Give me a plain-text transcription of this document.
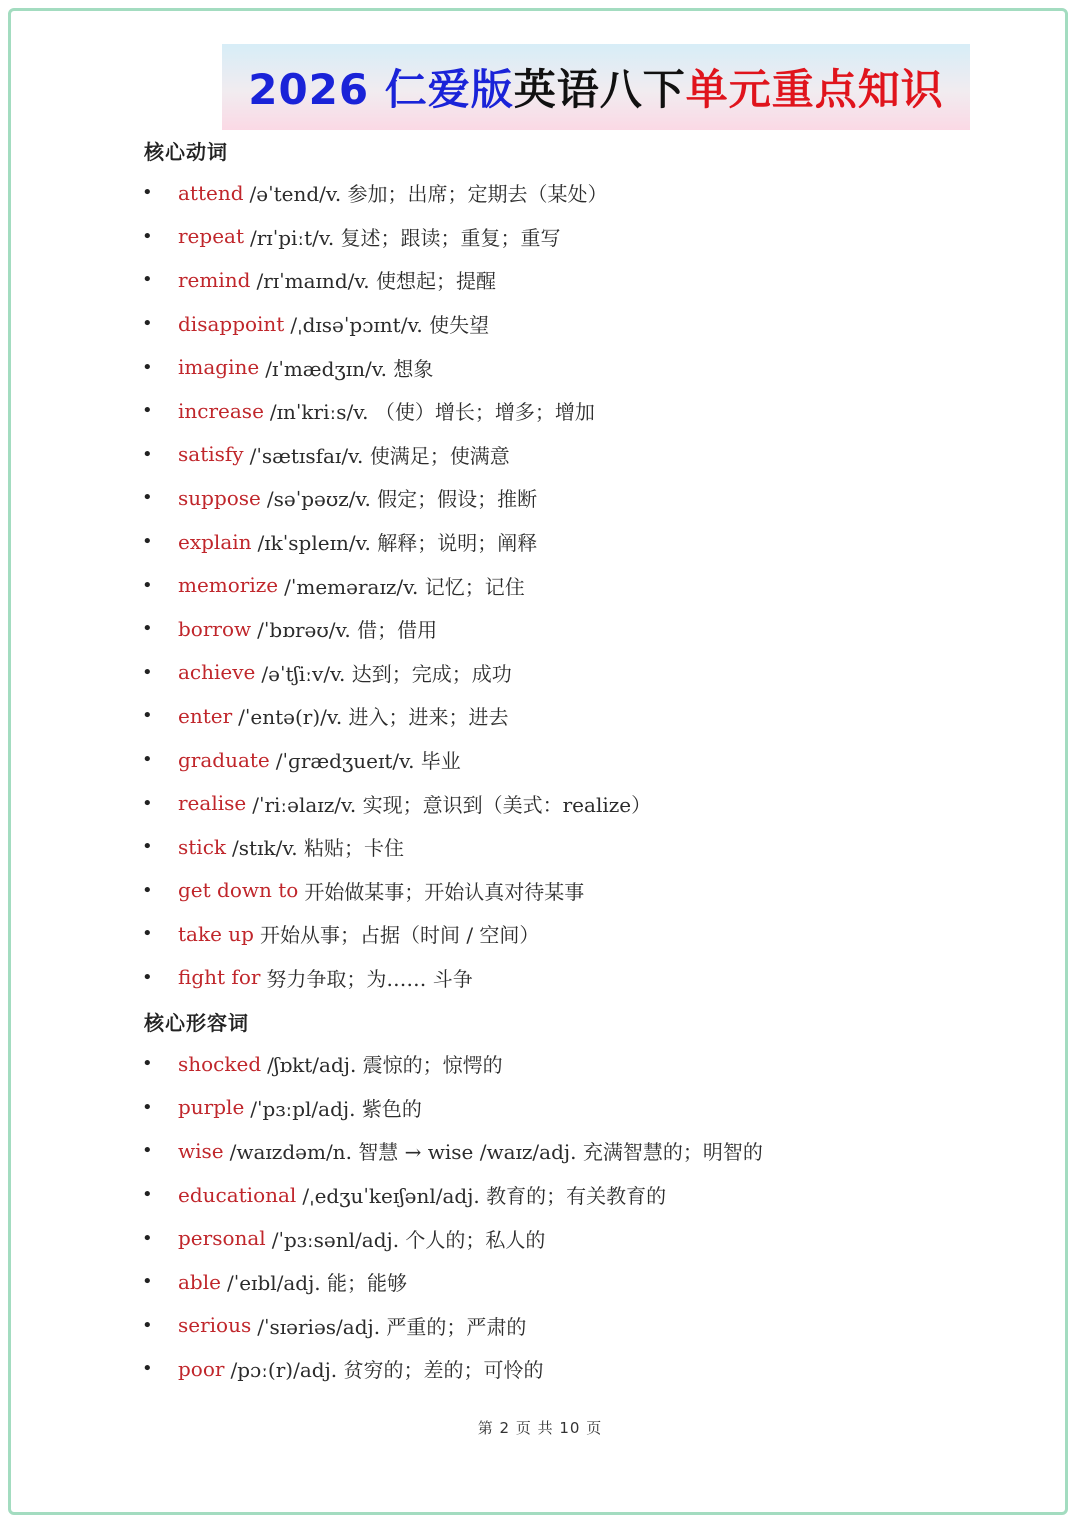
2026 仁爱版英语八下单元重点知识
核心动词
•	attend /əˈtend/v. 参加；出席；定期去（某处）
•	repeat /rɪˈpiːt/v. 复述；跟读；重复；重写
•	remind /rɪˈmaɪnd/v. 使想起；提醒
•	disappoint /ˌdɪsəˈpɔɪnt/v. 使失望
•	imagine /ɪˈmædʒɪn/v. 想象
•	increase /ɪnˈkriːs/v. （使）增长；增多；增加
•	satisfy /ˈsætɪsfaɪ/v. 使满足；使满意
•	suppose /səˈpəʊz/v. 假定；假设；推断
•	explain /ɪkˈspleɪn/v. 解释；说明；阐释
•	memorize /ˈmeməraɪz/v. 记忆；记住
•	borrow /ˈbɒrəʊ/v. 借；借用
•	achieve /əˈtʃiːv/v. 达到；完成；成功
•	enter /ˈentə(r)/v. 进入；进来；进去
•	graduate /ˈɡrædʒueɪt/v. 毕业
•	realise /ˈriːəlaɪz/v. 实现；意识到（美式：realize）
•	stick /stɪk/v. 粘贴；卡住
•	get down to 开始做某事；开始认真对待某事
•	take up 开始从事；占据（时间 / 空间）
•	fight for 努力争取；为…… 斗争
核心形容词
•	shocked /ʃɒkt/adj. 震惊的；惊愕的
•	purple /ˈpɜːpl/adj. 紫色的
•	wise /waɪzdəm/n. 智慧 → wise /waɪz/adj. 充满智慧的；明智的
•	educational /ˌedʒuˈkeɪʃənl/adj. 教育的；有关教育的
•	personal /ˈpɜːsənl/adj. 个人的；私人的
•	able /ˈeɪbl/adj. 能；能够
•	serious /ˈsɪəriəs/adj. 严重的；严肃的
•	poor /pɔː(r)/adj. 贫穷的；差的；可怜的
第 2 页 共 10 页
